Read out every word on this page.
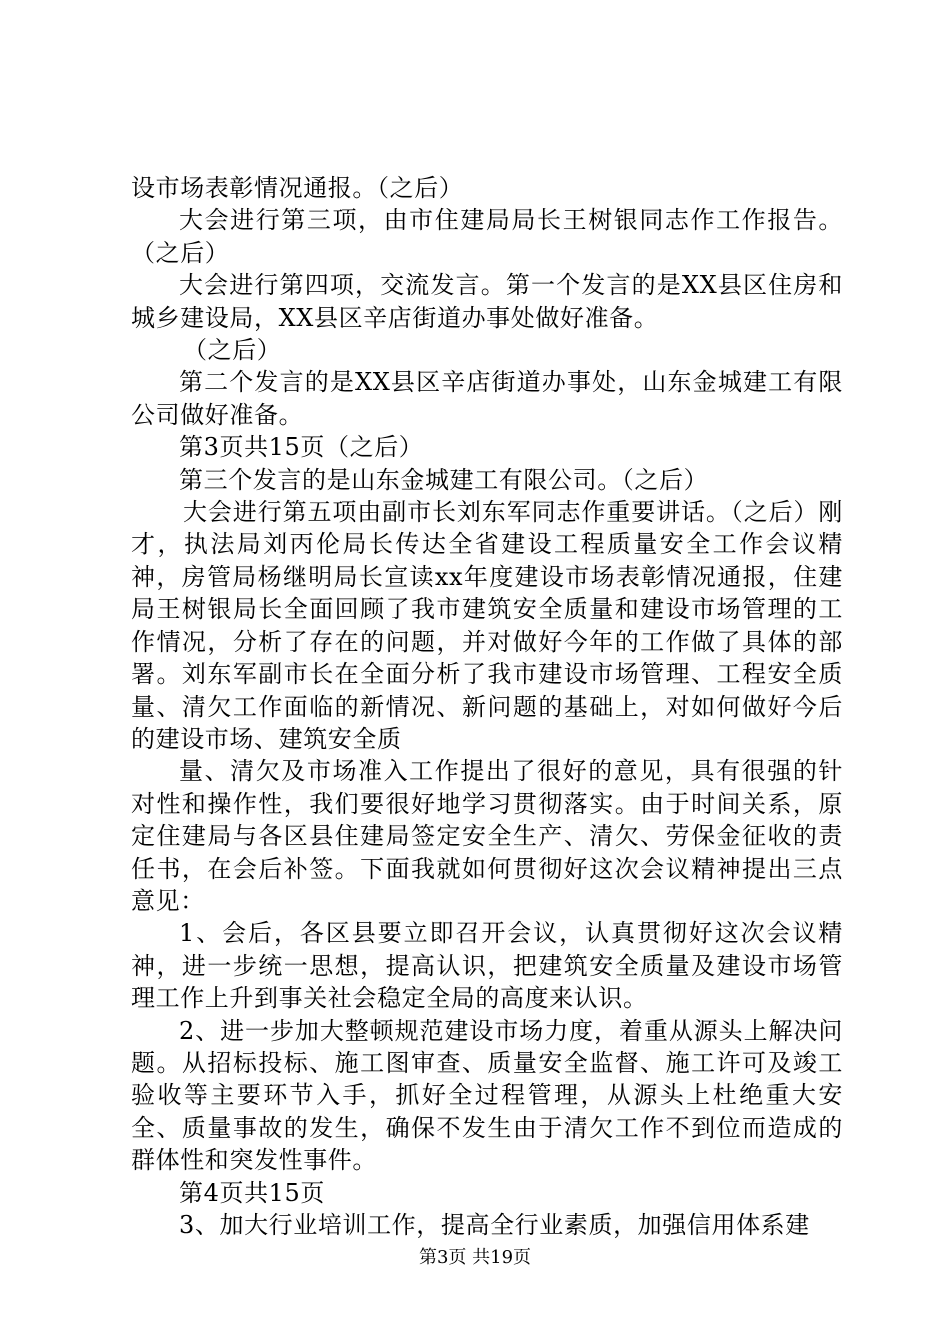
设市场表彰情况通报。（之后）

大会进行第三项，由市住建局局长王树银同志作工作报告。（之后）

大会进行第四项，交流发言。第一个发言的是XX县区住房和城乡建设局，XX县区辛店街道办事处做好准备。

（之后）

第二个发言的是XX县区辛店街道办事处，山东金城建工有限公司做好准备。

第3页共15页（之后）

第三个发言的是山东金城建工有限公司。（之后）

大会进行第五项由副市长刘东军同志作重要讲话。（之后）刚才，执法局刘丙伦局长传达全省建设工程质量安全工作会议精神，房管局杨继明局长宣读xx年度建设市场表彰情况通报，住建局王树银局长全面回顾了我市建筑安全质量和建设市场管理的工作情况，分析了存在的问题，并对做好今年的工作做了具体的部署。刘东军副市长在全面分析了我市建设市场管理、工程安全质量、清欠工作面临的新情况、新问题的基础上，对如何做好今后的建设市场、建筑安全质

量、清欠及市场准入工作提出了很好的意见，具有很强的针对性和操作性，我们要很好地学习贯彻落实。由于时间关系，原定住建局与各区县住建局签定安全生产、清欠、劳保金征收的责任书，在会后补签。下面我就如何贯彻好这次会议精神提出三点意见：

1、会后，各区县要立即召开会议，认真贯彻好这次会议精神，进一步统一思想，提高认识，把建筑安全质量及建设市场管理工作上升到事关社会稳定全局的高度来认识。

2、进一步加大整顿规范建设市场力度，着重从源头上解决问题。从招标投标、施工图审查、质量安全监督、施工许可及竣工验收等主要环节入手，抓好全过程管理，从源头上杜绝重大安全、质量事故的发生，确保不发生由于清欠工作不到位而造成的群体性和突发性事件。

第4页共15页

3、加大行业培训工作，提高全行业素质，加强信用体系建

第3页 共19页
